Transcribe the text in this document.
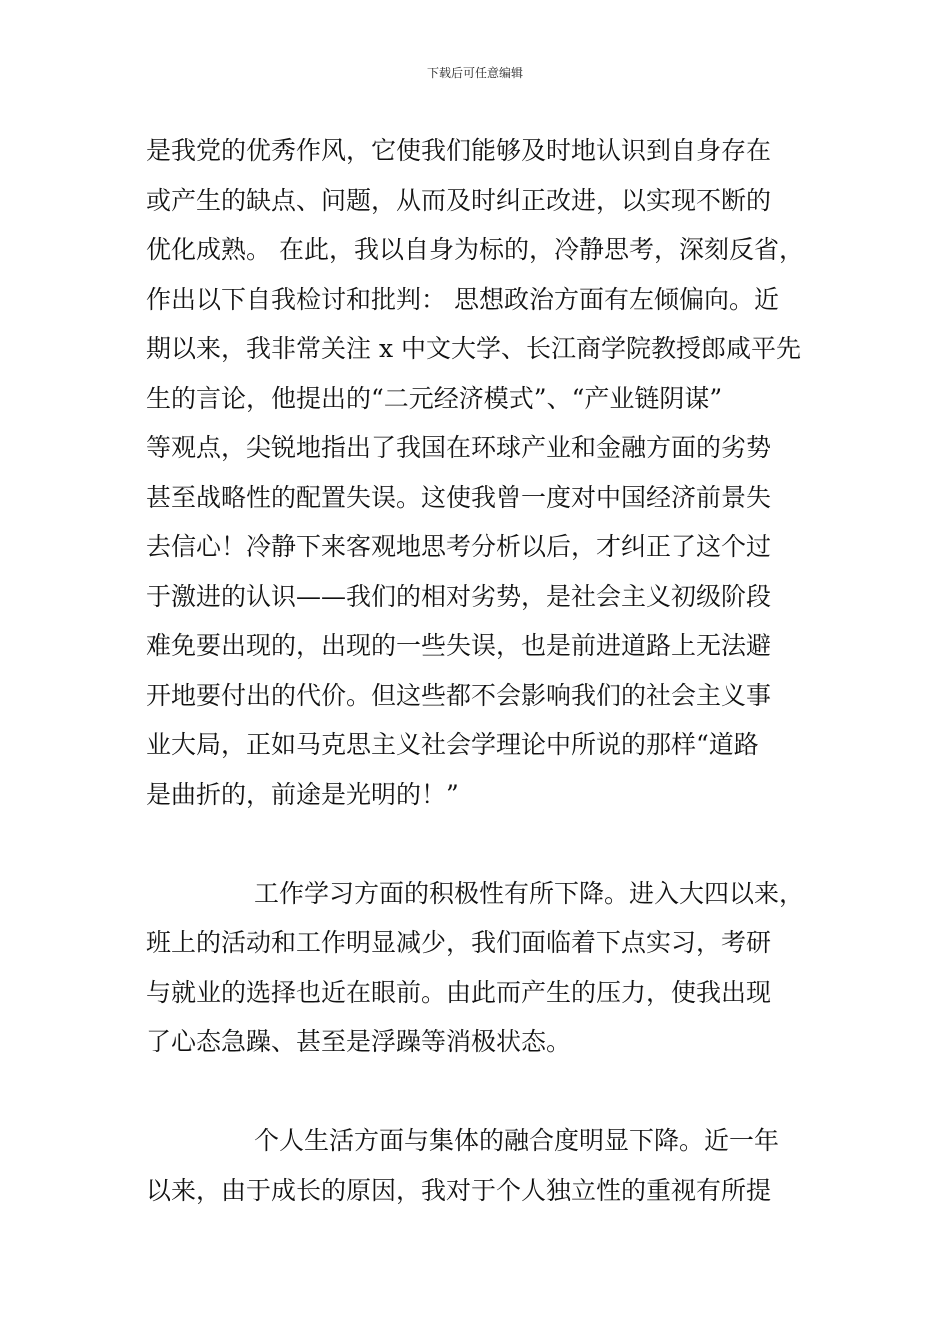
下载后可任意编辑
是我党的优秀作风，它使我们能够及时地认识到自身存在
或产生的缺点、问题，从而及时纠正改进，以实现不断的
优化成熟。 在此，我以自身为标的，冷静思考，深刻反省，
作出以下自我检讨和批判： 思想政治方面有左倾偏向。近
期以来，我非常关注 x 中文大学、长江商学院教授郎咸平先
生的言论，他提出的“二元经济模式”、“产业链阴谋”
等观点，尖锐地指出了我国在环球产业和金融方面的劣势
甚至战略性的配置失误。这使我曾一度对中国经济前景失
去信心！冷静下来客观地思考分析以后，才纠正了这个过
于激进的认识——我们的相对劣势，是社会主义初级阶段
难免要出现的，出现的一些失误，也是前进道路上无法避
开地要付出的代价。但这些都不会影响我们的社会主义事
业大局，正如马克思主义社会学理论中所说的那样“道路
是曲折的，前途是光明的！”
工作学习方面的积极性有所下降。进入大四以来，
班上的活动和工作明显减少，我们面临着下点实习，考研
与就业的选择也近在眼前。由此而产生的压力，使我出现
了心态急躁、甚至是浮躁等消极状态。
个人生活方面与集体的融合度明显下降。近一年
以来，由于成长的原因，我对于个人独立性的重视有所提
